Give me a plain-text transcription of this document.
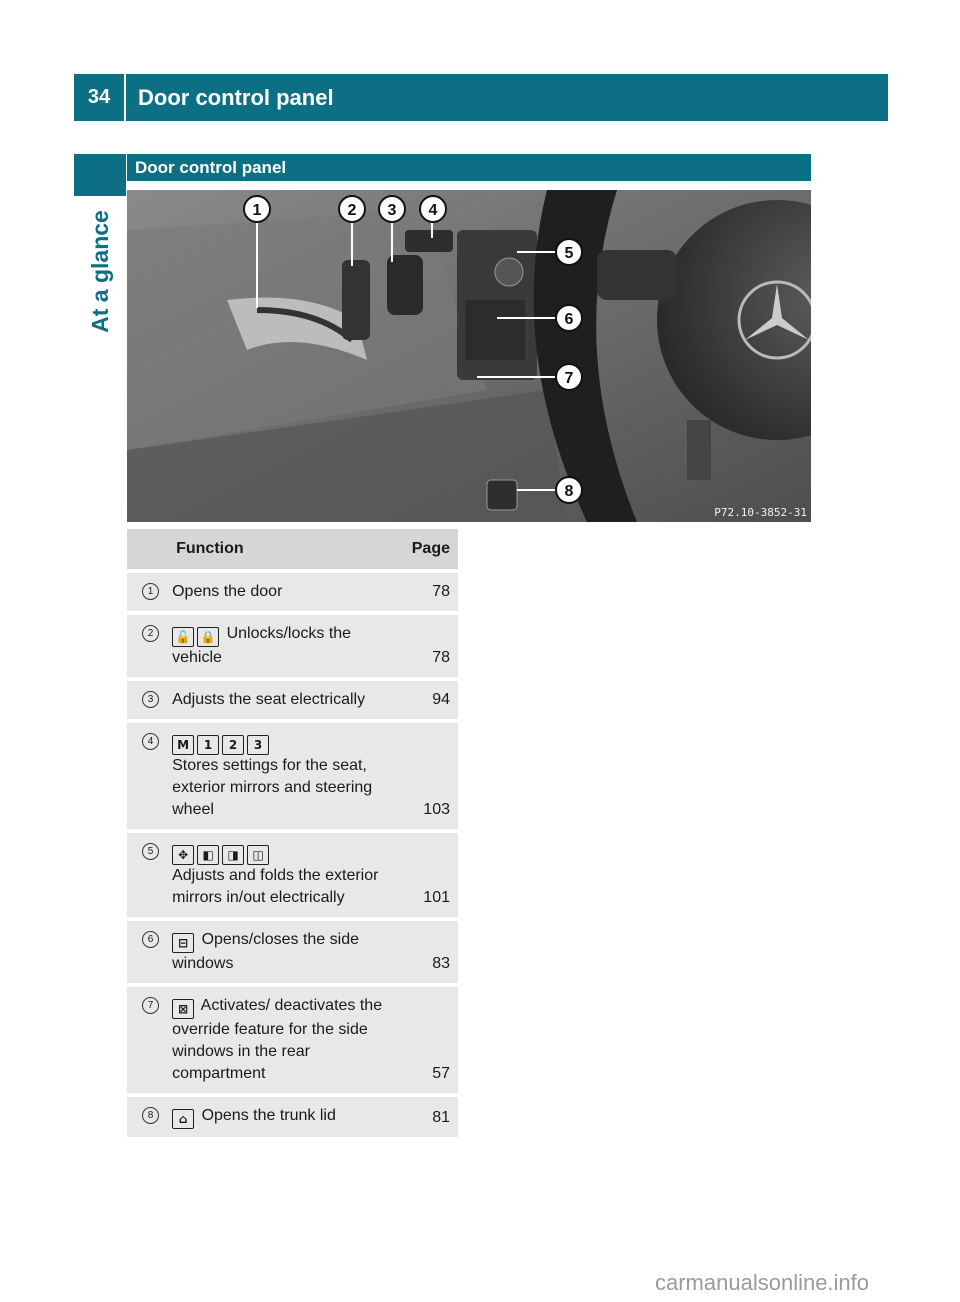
34	Door control panel
At a glance
Door control panel
1	2 3 4
5
6
7
8
P72.10-3852-31
	Function	Page
1	Opens the door	78
2	🔓 🔒 Unlocks/locks the vehicle	78
3	Adjusts the seat electrically	94
4	M 1 2 3
Stores settings for the seat, exterior mirrors and steering wheel	103
5	✥ ◧ ◨ ◫
Adjusts and folds the exterior mirrors in/out electrically	101
6	⊟ Opens/closes the side windows	83
7	⊠ Activates/ deactivates the override feature for the side windows in the rear compartment	57
8	⌂ Opens the trunk lid	81
carmanualsonline.info
